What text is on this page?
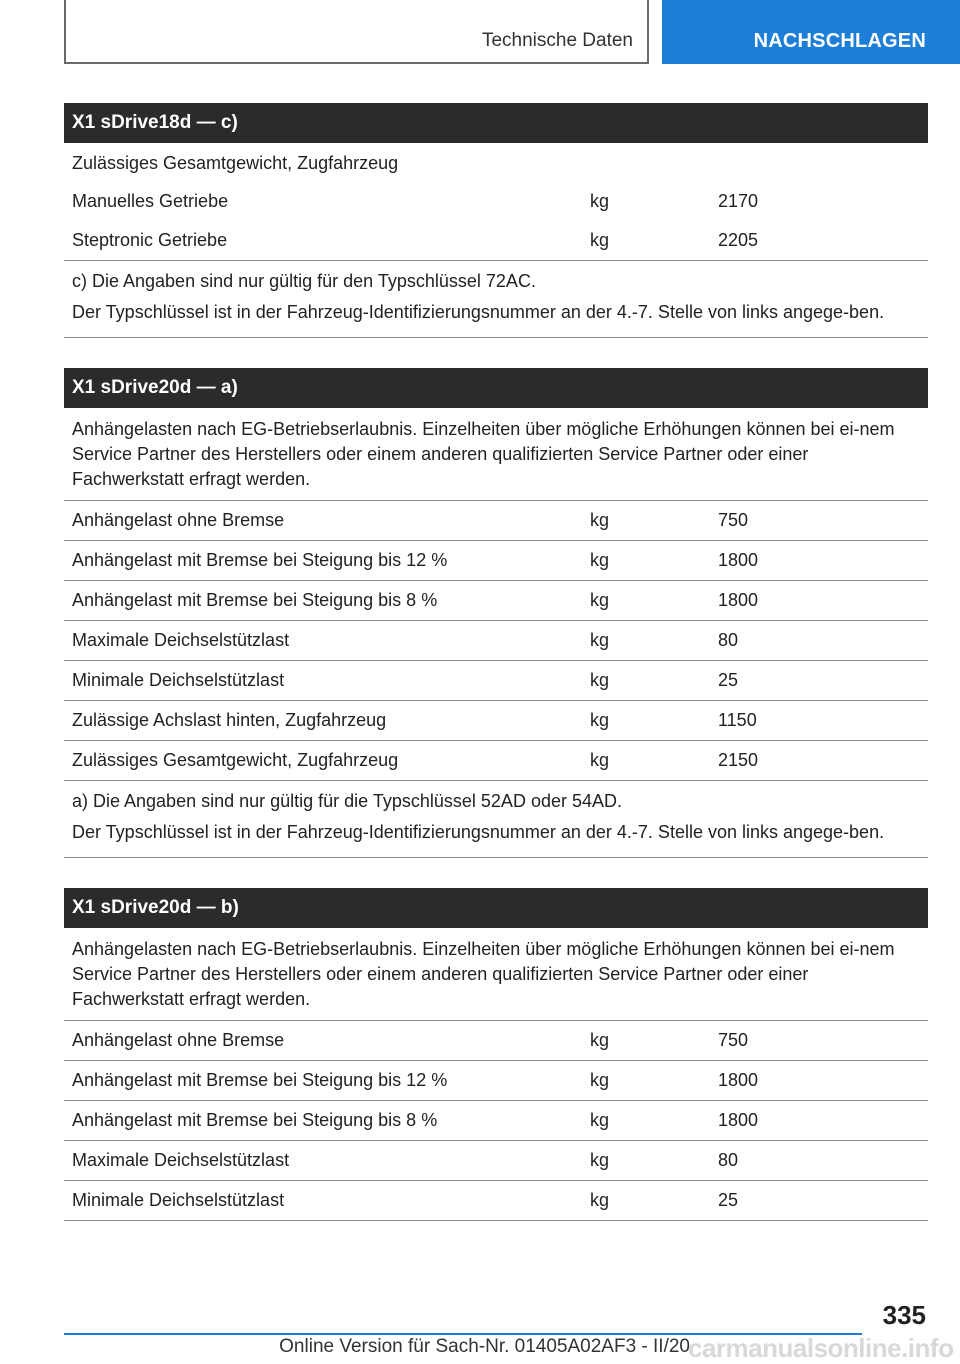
Technische Daten	NACHSCHLAGEN
X1 sDrive18d — c)
Zulässiges Gesamtgewicht, Zugfahrzeug
Manuelles Getriebe	kg	2170
Steptronic Getriebe	kg	2205

c) Die Angaben sind nur gültig für den Typschlüssel 72AC.

Der Typschlüssel ist in der Fahrzeug-Identifizierungsnummer an der 4.-7. Stelle von links angege‐ben.

X1 sDrive20d — a)
Anhängelasten nach EG-Betriebserlaubnis. Einzelheiten über mögliche Erhöhungen können bei ei‐nem Service Partner des Herstellers oder einem anderen qualifizierten Service Partner oder einer Fachwerkstatt erfragt werden.
Anhängelast ohne Bremse	kg	750
Anhängelast mit Bremse bei Steigung bis 12 %	kg	1800
Anhängelast mit Bremse bei Steigung bis 8 %	kg	1800
Maximale Deichselstützlast	kg	80
Minimale Deichselstützlast	kg	25
Zulässige Achslast hinten, Zugfahrzeug	kg	1150
Zulässiges Gesamtgewicht, Zugfahrzeug	kg	2150

a) Die Angaben sind nur gültig für die Typschlüssel 52AD oder 54AD.

Der Typschlüssel ist in der Fahrzeug-Identifizierungsnummer an der 4.-7. Stelle von links angege‐ben.

X1 sDrive20d — b)
Anhängelasten nach EG-Betriebserlaubnis. Einzelheiten über mögliche Erhöhungen können bei ei‐nem Service Partner des Herstellers oder einem anderen qualifizierten Service Partner oder einer Fachwerkstatt erfragt werden.
Anhängelast ohne Bremse	kg	750
Anhängelast mit Bremse bei Steigung bis 12 %	kg	1800
Anhängelast mit Bremse bei Steigung bis 8 %	kg	1800
Maximale Deichselstützlast	kg	80
Minimale Deichselstützlast	kg	25
335
Online Version für Sach-Nr. 01405A02AF3 - II/20
carmanualsonline.info
